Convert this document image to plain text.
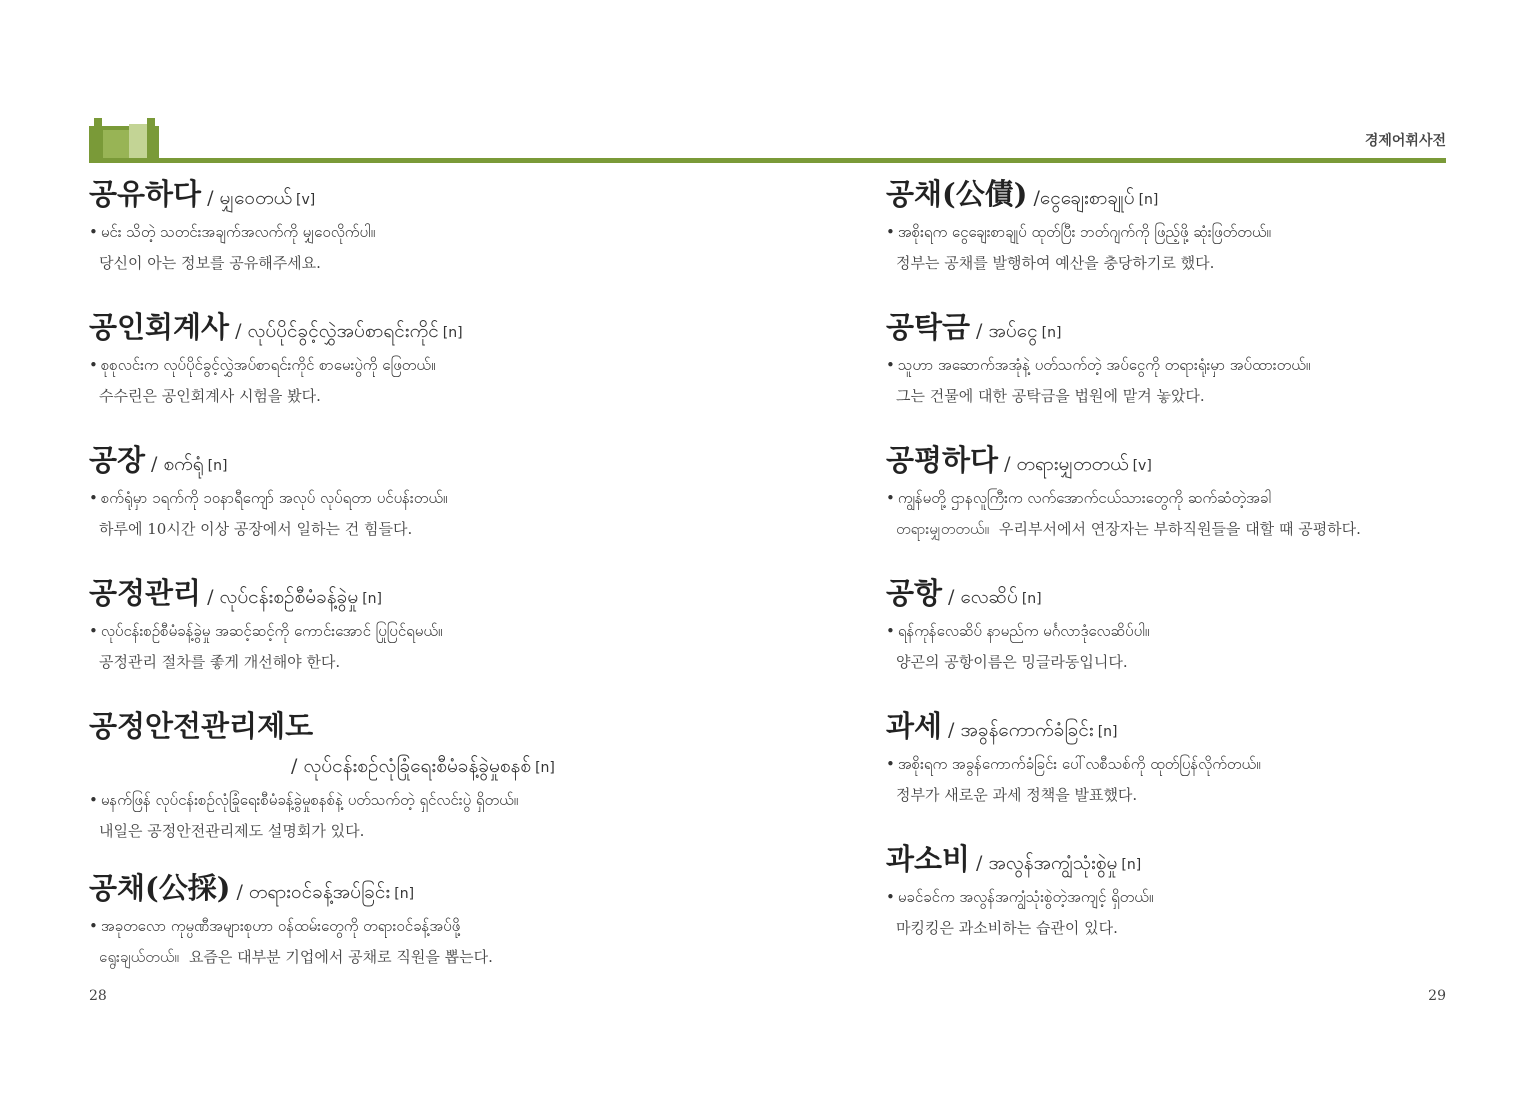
경제어휘사전
공유하다 / မျှဝေတယ် [v]
• မင်း သိတဲ့ သတင်းအချက်အလက်ကို မျှဝေလိုက်ပါ။
당신이 아는 정보를 공유해주세요.
공인회계사 / လုပ်ပိုင်ခွင့်လွှဲအပ်စာရင်းကိုင် [n]
• စုစုလင်းက လုပ်ပိုင်ခွင့်လွှဲအပ်စာရင်းကိုင် စာမေးပွဲကို ဖြေတယ်။
수수린은 공인회계사 시험을 봤다.
공장 / စက်ရုံ [n]
• စက်ရုံမှာ ၁ရက်ကို ၁၀နာရီကျော် အလုပ် လုပ်ရတာ ပင်ပန်းတယ်။
하루에 10시간 이상 공장에서 일하는 건 힘들다.
공정관리 / လုပ်ငန်းစဉ်စီမံခန့်ခွဲမှု [n]
• လုပ်ငန်းစဉ်စီမံခန့်ခွဲမှု အဆင့်ဆင့်ကို ကောင်းအောင် ပြုပြင်ရမယ်။
공정관리 절차를 좋게 개선해야 한다.
공정안전관리제도
/ လုပ်ငန်းစဉ်လုံခြုံရေးစီမံခန့်ခွဲမှုစနစ် [n]
• မနက်ဖြန် လုပ်ငန်းစဉ်လုံခြုံရေးစီမံခန့်ခွဲမှုစနစ်နဲ့ ပတ်သက်တဲ့ ရှင်လင်းပွဲ ရှိတယ်။
내일은 공정안전관리제도 설명회가 있다.
공채(公採) / တရားဝင်ခန့်အပ်ခြင်း [n]
• အခုတလော ကုမ္ပဏီအများစုဟာ ဝန်ထမ်းတွေကို တရားဝင်ခန့်အပ်ဖို့
ရွေးချယ်တယ်။ 요즘은 대부분 기업에서 공채로 직원을 뽑는다.
공채(公債) /ငွေချေးစာချုပ် [n]
• အစိုးရက ငွေချေးစာချုပ် ထုတ်ပြီး ဘတ်ဂျက်ကို ဖြည့်ဖို့ ဆုံးဖြတ်တယ်။
정부는 공채를 발행하여 예산을 충당하기로 했다.
공탁금 / အပ်ငွေ [n]
• သူဟာ အဆောက်အအုံနဲ့ ပတ်သက်တဲ့ အပ်ငွေကို တရားရုံးမှာ အပ်ထားတယ်။
그는 건물에 대한 공탁금을 법원에 맡겨 놓았다.
공평하다 / တရားမျှတတယ် [v]
• ကျွန်မတို့ ဌာနလူကြီးက လက်အောက်ငယ်သားတွေကို ဆက်ဆံတဲ့အခါ
တရားမျှတတယ်။ 우리부서에서 연장자는 부하직원들을 대할 때 공평하다.
공항 / လေဆိပ် [n]
• ရန်ကုန်လေဆိပ် နာမည်က မင်္ဂလာဒုံလေဆိပ်ပါ။
양곤의 공항이름은 밍글라동입니다.
과세 / အခွန်ကောက်ခံခြင်း [n]
• အစိုးရက အခွန်ကောက်ခံခြင်း ပေါ်လစီသစ်ကို ထုတ်ပြန်လိုက်တယ်။
정부가 새로운 과세 정책을 발표했다.
과소비 / အလွန်အကျွံသုံးစွဲမှု [n]
• မခင်ခင်က အလွန်အကျွံသုံးစွဲတဲ့အကျင့် ရှိတယ်။
마킹킹은 과소비하는 습관이 있다.
28	29
